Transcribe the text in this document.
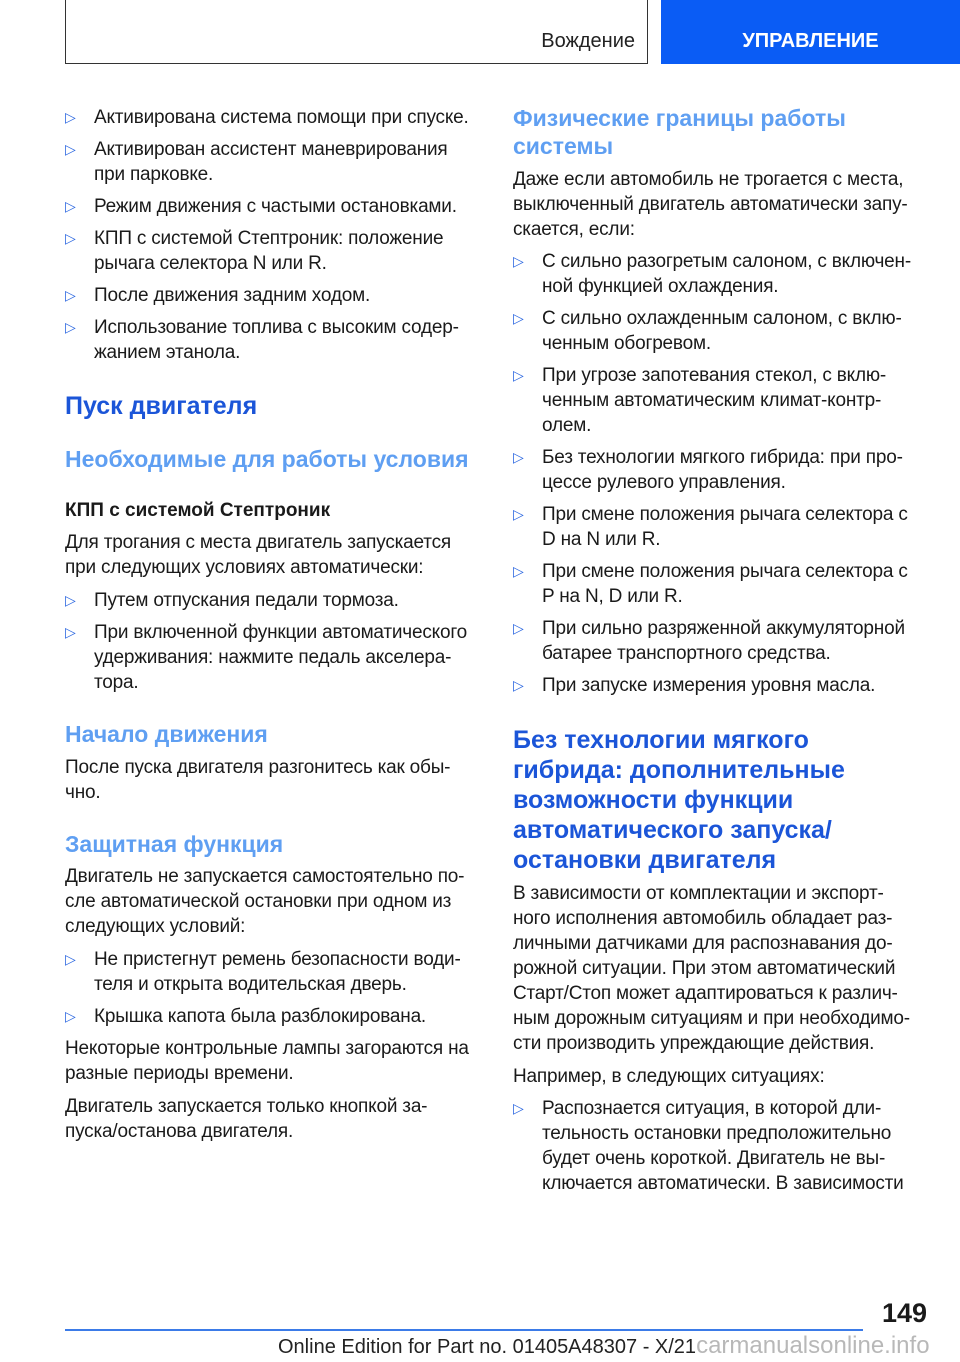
Вождение	УПРАВЛЕНИЕ
▷ Активирована система помощи при спуске.
▷ Активирован ассистент маневрирования
при парковке.
▷ Режим движения с частыми остановками.
▷ КПП с системой Стептроник: положение
рычага селектора N или R.
▷ После движения задним ходом.
▷ Использование топлива с высоким содер-
жанием этанола.
Пуск двигателя
Необходимые для работы условия
КПП с системой Стептроник
Для трогания с места двигатель запускается
при следующих условиях автоматически:
▷ Путем отпускания педали тормоза.
▷ При включенной функции автоматического
удерживания: нажмите педаль акселера-
тора.
Начало движения
После пуска двигателя разгонитесь как обы-
чно.
Защитная функция
Двигатель не запускается самостоятельно по-
сле автоматической остановки при одном из
следующих условий:
▷ Не пристегнут ремень безопасности води-
теля и открыта водительская дверь.
▷ Крышка капота была разблокирована.
Некоторые контрольные лампы загораются на
разные периоды времени.
Двигатель запускается только кнопкой за-
пуска/останова двигателя.
Физические границы работы
системы
Даже если автомобиль не трогается с места,
выключенный двигатель автоматически запу-
скается, если:
▷ С сильно разогретым салоном, с включен-
ной функцией охлаждения.
▷ С сильно охлажденным салоном, с вклю-
ченным обогревом.
▷ При угрозе запотевания стекол, с вклю-
ченным автоматическим климат-контр-
олем.
▷ Без технологии мягкого гибрида: при про-
цессе рулевого управления.
▷ При смене положения рычага селектора с
D на N или R.
▷ При смене положения рычага селектора с
P на N, D или R.
▷ При сильно разряженной аккумуляторной
батарее транспортного средства.
▷ При запуске измерения уровня масла.
Без технологии мягкого
гибрида: дополнительные
возможности функции
автоматического запуска/
остановки двигателя
В зависимости от комплектации и экспорт-
ного исполнения автомобиль обладает раз-
личными датчиками для распознавания до-
рожной ситуации. При этом автоматический
Старт/Стоп может адаптироваться к различ-
ным дорожным ситуациям и при необходимо-
сти производить упреждающие действия.
Например, в следующих ситуациях:
▷ Распознается ситуация, в которой дли-
тельность остановки предположительно
будет очень короткой. Двигатель не вы-
ключается автоматически. В зависимости
149
Online Edition for Part no. 01405A48307 - X/21carmanualsonline.info
